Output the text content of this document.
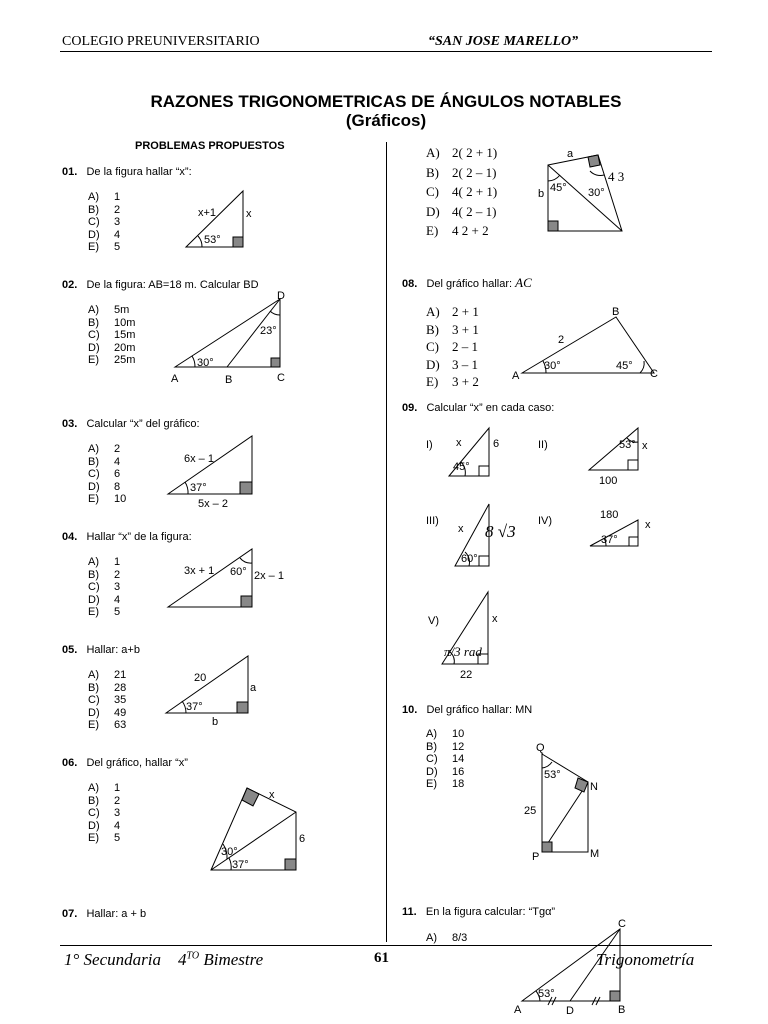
COLEGIO PREUNIVERSITARIO	“SAN JOSE MARELLO”
RAZONES TRIGONOMETRICAS DE ÁNGULOS NOTABLES
(Gráficos)
PROBLEMAS PROPUESTOS
01. De la figura hallar “x”:
A) 1
B) 2
C) 3
D) 4
E) 5
x+1	x
53°
02. De la figura: AB=18 m. Calcular BD
A) 5m
B) 10m
C) 15m
D) 20m
E) 25m
D
A	B	C
30°
23°
03. Calcular “x” del gráfico:
A) 2
B) 4
C) 6
D) 8
E) 10
6x – 1
37°
5x – 2
04. Hallar “x” de la figura:
A) 1
B) 2
C) 3
D) 4
E) 5
3x + 1 60° 2x – 1
05. Hallar: a+b
A) 21
B) 28
C) 35
D) 49
E) 63
20
a
37°
b
06. Del gráfico, hallar “x”
A) 1
B) 2
C) 3
D) 4
E) 5
x
6
30°
37°
07. Hallar: a + b
A) 2( 2 + 1)
B) 2( 2 – 1)
C) 4( 2 + 1)
D) 4( 2 – 1)
E) 4 2 + 2
a
b 45° 30°
4 3
08. Del gráfico hallar: AC
A) 2 + 1
B) 3 + 1
C) 2 – 1
D) 3 – 1
E) 3 + 2
B
A	C
2
30°	45°
09. Calcular “x” en cada caso:
I) x	6
45°
II)	53° x
100
III)
x 8 √3
60°
IV)	180
x
37°
V)	x
π/3 rad
22
10. Del gráfico hallar: MN
A) 10
B) 12
C) 14
D) 16
E) 18
Q
N
P	M
25
53°
11. En la figura calcular: “Tgα”
A) 8/3
C
A	D	B
53°
1° Secundaria $4^{TO}$ Bimestre	61	Trigonometría
